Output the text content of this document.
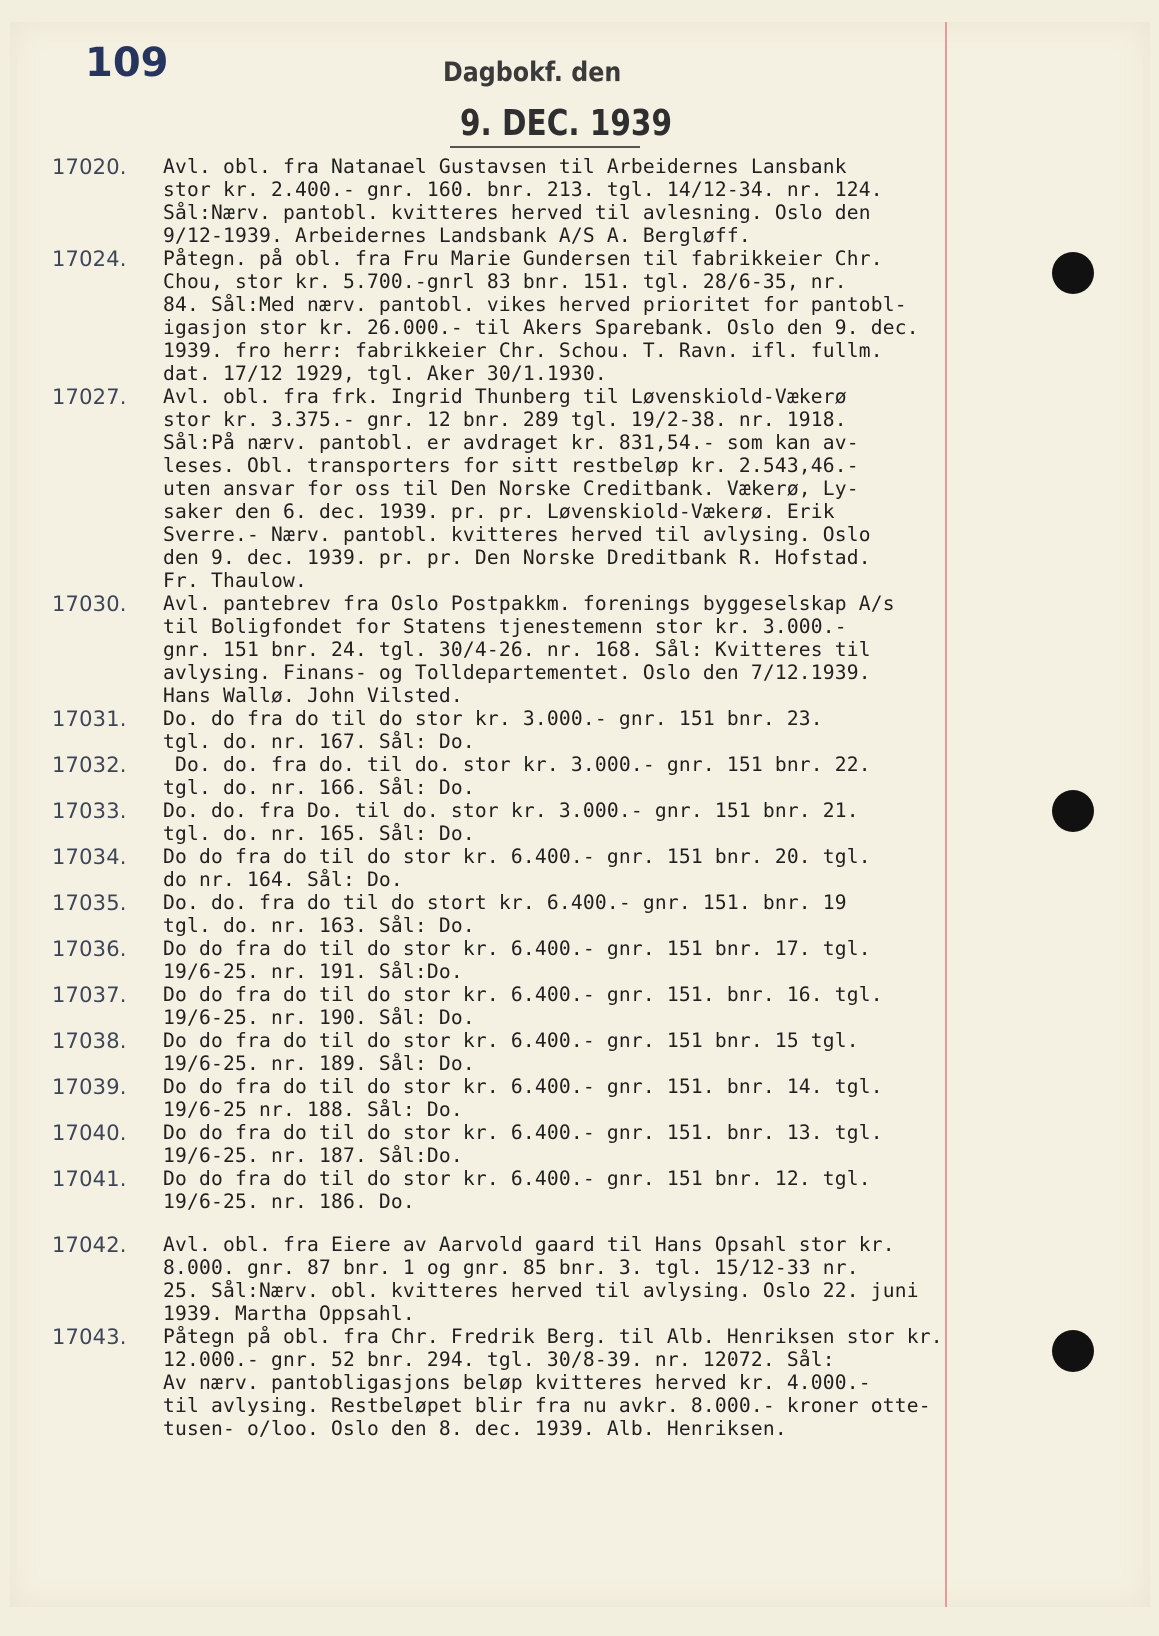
109	Dagbokf. den
9. DEC. 1939
17020. Avl. obl. fra Natanael Gustavsen til Arbeidernes Lansbank
stor kr. 2.400.- gnr. 160. bnr. 213. tgl. 14/12-34. nr. 124.
Sål:Nærv. pantobl. kvitteres herved til avlesning. Oslo den
9/12-1939. Arbeidernes Landsbank A/S A. Bergløff.
17024. Påtegn. på obl. fra Fru Marie Gundersen til fabrikkeier Chr.
Chou, stor kr. 5.700.-gnrl 83 bnr. 151. tgl. 28/6-35, nr.
84. Sål:Med nærv. pantobl. vikes herved prioritet for pantobl-
igasjon stor kr. 26.000.- til Akers Sparebank. Oslo den 9. dec.
1939. fro herr: fabrikkeier Chr. Schou. T. Ravn. ifl. fullm.
dat. 17/12 1929, tgl. Aker 30/1.1930.
17027. Avl. obl. fra frk. Ingrid Thunberg til Løvenskiold-Vækerø
stor kr. 3.375.- gnr. 12 bnr. 289 tgl. 19/2-38. nr. 1918.
Sål:På nærv. pantobl. er avdraget kr. 831,54.- som kan av-
leses. Obl. transporters for sitt restbeløp kr. 2.543,46.-
uten ansvar for oss til Den Norske Creditbank. Vækerø, Ly-
saker den 6. dec. 1939. pr. pr. Løvenskiold-Vækerø. Erik
Sverre.- Nærv. pantobl. kvitteres herved til avlysing. Oslo
den 9. dec. 1939. pr. pr. Den Norske Dreditbank R. Hofstad.
Fr. Thaulow.
17030. Avl. pantebrev fra Oslo Postpakkm. forenings byggeselskap A/s
til Boligfondet for Statens tjenestemenn stor kr. 3.000.-
gnr. 151 bnr. 24. tgl. 30/4-26. nr. 168. Sål: Kvitteres til
avlysing. Finans- og Tolldepartementet. Oslo den 7/12.1939.
Hans Wallø. John Vilsted.
17031. Do. do fra do til do stor kr. 3.000.- gnr. 151 bnr. 23.
tgl. do. nr. 167. Sål: Do.
17032. Do. do. fra do. til do. stor kr. 3.000.- gnr. 151 bnr. 22.
tgl. do. nr. 166. Sål: Do.
17033. Do. do. fra Do. til do. stor kr. 3.000.- gnr. 151 bnr. 21.
tgl. do. nr. 165. Sål: Do.
17034. Do do fra do til do stor kr. 6.400.- gnr. 151 bnr. 20. tgl.
do nr. 164. Sål: Do.
17035. Do. do. fra do til do stort kr. 6.400.- gnr. 151. bnr. 19
tgl. do. nr. 163. Sål: Do.
17036. Do do fra do til do stor kr. 6.400.- gnr. 151 bnr. 17. tgl.
19/6-25. nr. 191. Sål:Do.
17037. Do do fra do til do stor kr. 6.400.- gnr. 151. bnr. 16. tgl.
19/6-25. nr. 190. Sål: Do.
17038. Do do fra do til do stor kr. 6.400.- gnr. 151 bnr. 15 tgl.
19/6-25. nr. 189. Sål: Do.
17039. Do do fra do til do stor kr. 6.400.- gnr. 151. bnr. 14. tgl.
19/6-25 nr. 188. Sål: Do.
17040. Do do fra do til do stor kr. 6.400.- gnr. 151. bnr. 13. tgl.
19/6-25. nr. 187. Sål:Do.
17041. Do do fra do til do stor kr. 6.400.- gnr. 151 bnr. 12. tgl.
19/6-25. nr. 186. Do.
17042. Avl. obl. fra Eiere av Aarvold gaard til Hans Opsahl stor kr.
8.000. gnr. 87 bnr. 1 og gnr. 85 bnr. 3. tgl. 15/12-33 nr.
25. Sål:Nærv. obl. kvitteres herved til avlysing. Oslo 22. juni
1939. Martha Oppsahl.
17043. Påtegn på obl. fra Chr. Fredrik Berg. til Alb. Henriksen stor kr.
12.000.- gnr. 52 bnr. 294. tgl. 30/8-39. nr. 12072. Sål:
Av nærv. pantobligasjons beløp kvitteres herved kr. 4.000.-
til avlysing. Restbeløpet blir fra nu avkr. 8.000.- kroner otte-
tusen- o/loo. Oslo den 8. dec. 1939. Alb. Henriksen.
